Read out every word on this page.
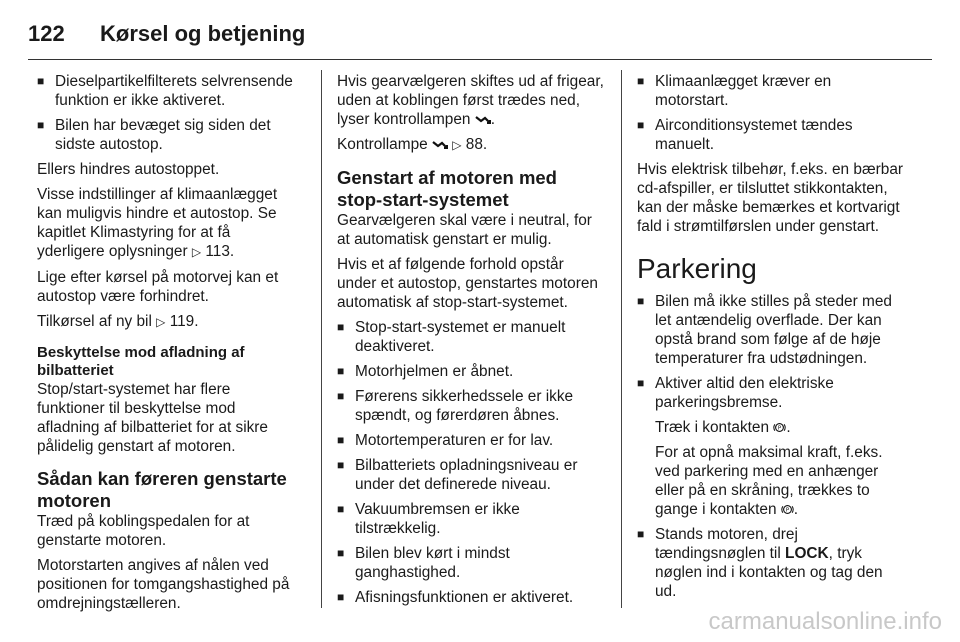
122	Kørsel og betjening
■ Dieselpartikelfilterets selvrensende funktion er ikke aktiveret.
■ Bilen har bevæget sig siden det sidste autostop.

Ellers hindres autostoppet.

Visse indstillinger af klimaanlægget kan muligvis hindre et autostop. Se kapitlet Klimastyring for at få yderligere oplysninger ▷ 113.

Lige efter kørsel på motorvej kan et autostop være forhindret.

Tilkørsel af ny bil ▷ 119.

Beskyttelse mod afladning af bilbatteriet

Stop/start-systemet har flere funktioner til beskyttelse mod afladning af bilbatteriet for at sikre pålidelig genstart af motoren.

Sådan kan føreren genstarte motoren

Træd på koblingspedalen for at genstarte motoren.

Motorstarten angives af nålen ved positionen for tomgangshastighed på omdrejningstælleren.

Hvis gearvælgeren skiftes ud af frigear, uden at koblingen først trædes ned, lyser kontrollampen .

Kontrollampe ▷ 88.

Genstart af motoren med stop-start-systemet

Gearvælgeren skal være i neutral, for at automatisk genstart er mulig.

Hvis et af følgende forhold opstår under et autostop, genstartes motoren automatisk af stop-start-systemet.

■ Stop-start-systemet er manuelt deaktiveret.
■ Motorhjelmen er åbnet.
■ Førerens sikkerhedssele er ikke spændt, og førerdøren åbnes.
■ Motortemperaturen er for lav.
■ Bilbatteriets opladningsniveau er under det definerede niveau.
■ Vakuumbremsen er ikke tilstrækkelig.
■ Bilen blev kørt i mindst ganghastighed.
■ Afisningsfunktionen er aktiveret.
■ Klimaanlægget kræver en motorstart.
■ Airconditionsystemet tændes manuelt.

Hvis elektrisk tilbehør, f.eks. en bærbar cd-afspiller, er tilsluttet stikkontakten, kan der måske bemærkes et kortvarigt fald i strømtilførslen under genstart.

Parkering
■ Bilen må ikke stilles på steder med let antændelig overflade. Der kan opstå brand som følge af de høje temperaturer fra udstødningen.
■ Aktiver altid den elektriske parkeringsbremse.

Træk i kontakten P .

For at opnå maksimal kraft, f.eks. ved parkering med en anhænger eller på en skråning, trækkes to gange i kontakten P .

■ Stands motoren, drej tændingsnøglen til LOCK, tryk nøglen ind i kontakten og tag den ud.
carmanualsonline.info
